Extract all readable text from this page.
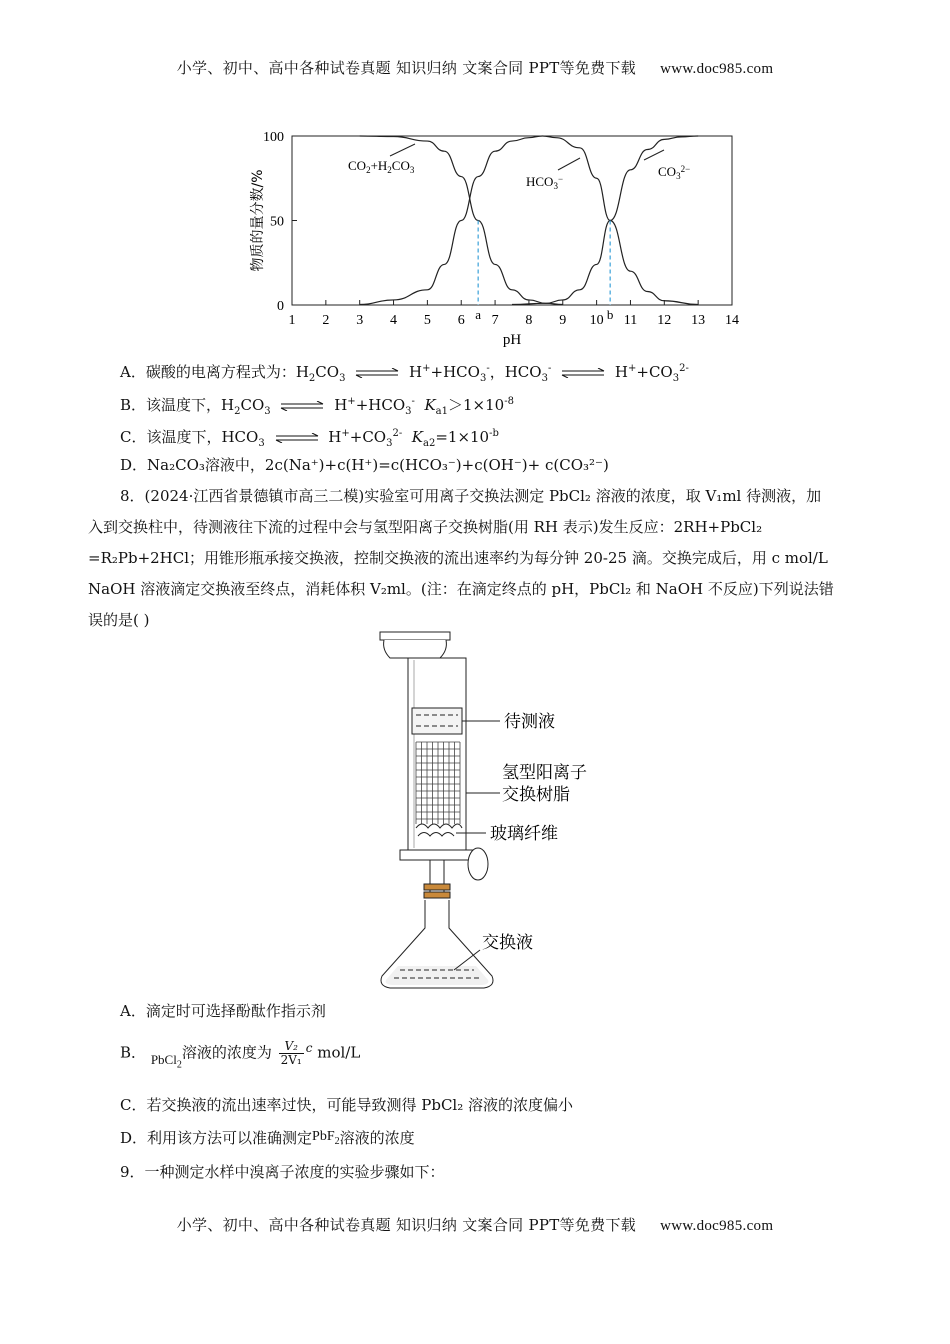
小学、初中、高中各种试卷真题 知识归纳 文案合同 PPT等免费下载 www.doc985.com
1 2 3 4 5 6 7 8 9 10 11 12 13 14
0
50
100
pH
物质的量分数/%
a	b
CO2+H2CO3
HCO3−
CO32−
A．碳酸的电离方程式为：$H_2CO_3$ ⇌ $H^++HCO_3^-$，$HCO_3^-$ ⇌ $H^++CO_3^{2-}$
B．该温度下，$H_2CO_3$ ⇌ $H^++HCO_3^-$ $K_{a1}>1\times 10^{-8}$
C．该温度下，$HCO_3$ ⇌ $H^++CO_3^{2-}$ $K_{a2}=1\times 10^{-b}$
D．Na₂CO₃溶液中，2c(Na⁺)+c(H⁺)=c(HCO₃⁻)+c(OH⁻)+ c(CO₃²⁻)
8．(2024·江西省景德镇市高三二模)实验室可用离子交换法测定 PbCl₂ 溶液的浓度，取 V₁ml 待测液，加
入到交换柱中，待测液往下流的过程中会与氢型阳离子交换树脂(用 RH 表示)发生反应：2RH+PbCl₂
=R₂Pb+2HCl；用锥形瓶承接交换液，控制交换液的流出速率约为每分钟 20-25 滴。交换完成后，用 c mol/L
NaOH 溶液滴定交换液至终点，消耗体积 V₂ml。(注：在滴定终点的 pH，PbCl₂ 和 NaOH 不反应)下列说法错
误的是( )
待测液
氢型阳离子
交换树脂
玻璃纤维
交换液
A．滴定时可选择酚酞作指示剂
B． PbCl$_2$溶液的浓度为 $\frac{\text{V₂}}{\text{2V₁}} ^c$ mol/L
C．若交换液的流出速率过快，可能导致测得 PbCl₂ 溶液的浓度偏小
D．利用该方法可以准确测定PbF$_2$溶液的浓度
9．一种测定水样中溴离子浓度的实验步骤如下：
小学、初中、高中各种试卷真题 知识归纳 文案合同 PPT等免费下载 www.doc985.com
